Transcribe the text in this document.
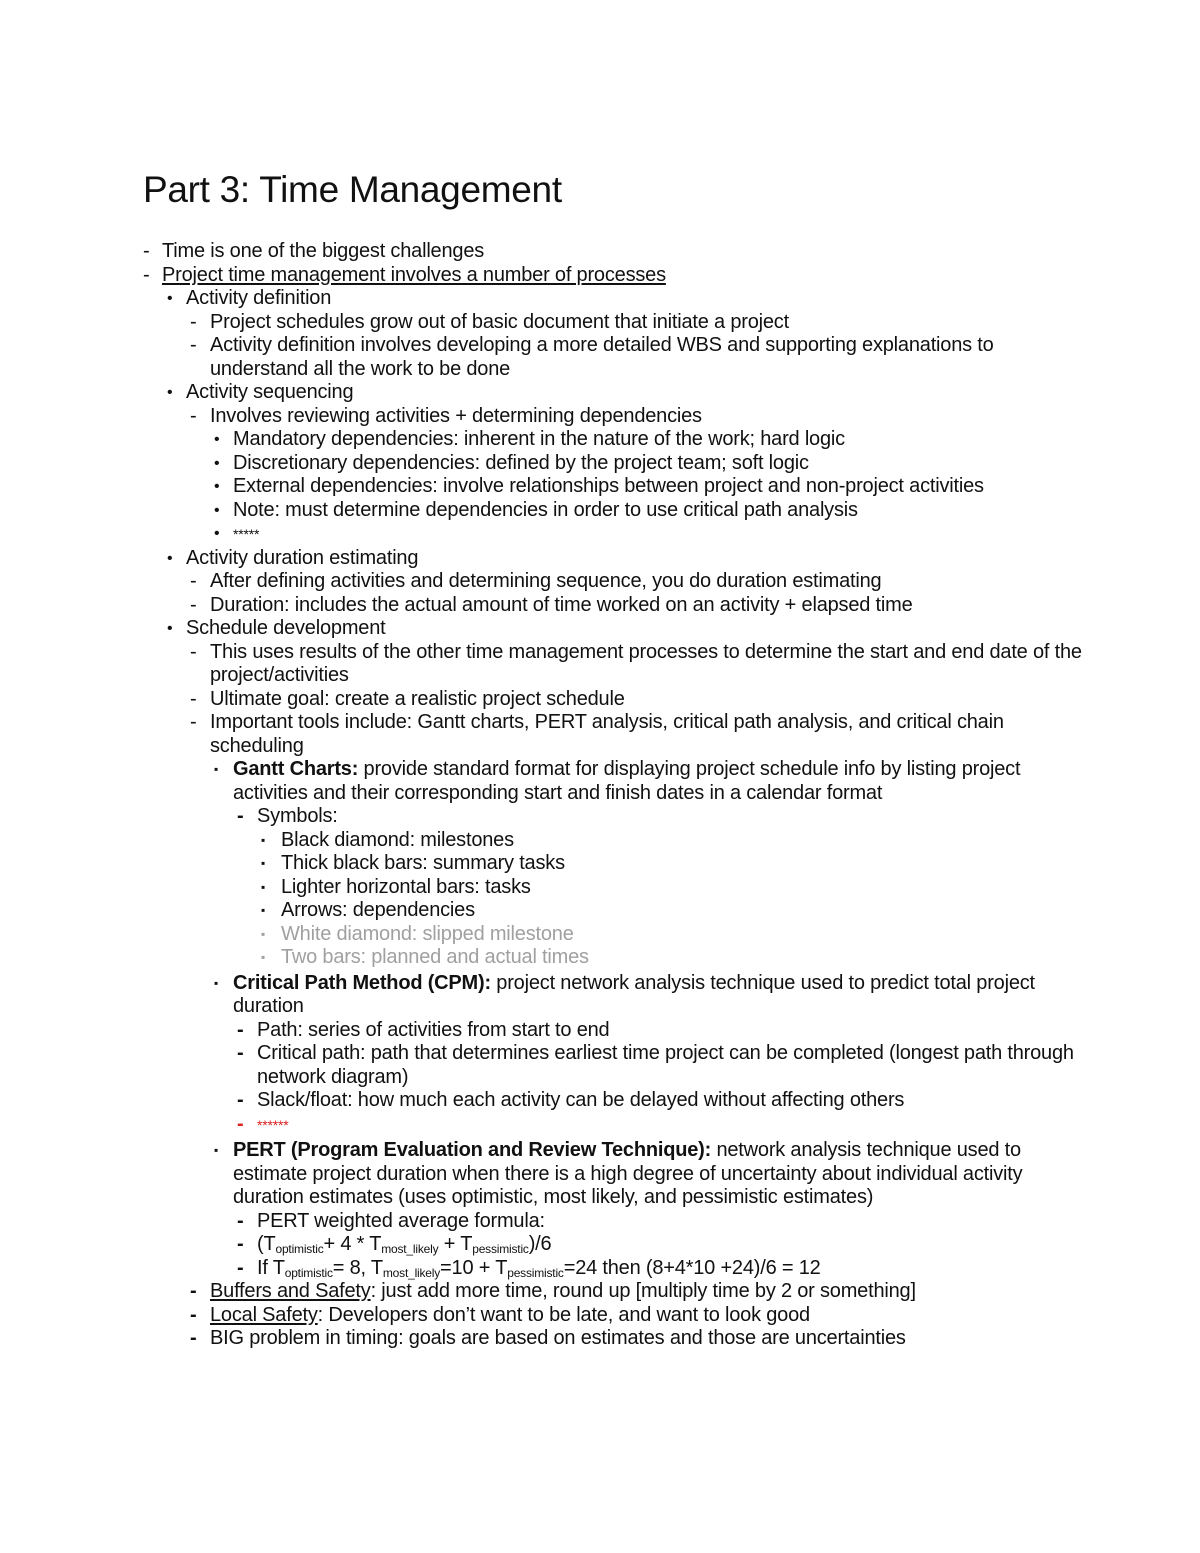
Part 3: Time Management
- Time is one of the biggest challenges
- Project time management involves a number of processes
• Activity definition
- Project schedules grow out of basic document that initiate a project
- Activity definition involves developing a more detailed WBS and supporting explanations to understand all the work to be done
• Activity sequencing
- Involves reviewing activities + determining dependencies
• Mandatory dependencies: inherent in the nature of the work; hard logic
• Discretionary dependencies: defined by the project team; soft logic
• External dependencies: involve relationships between project and non-project activities
• Note: must determine dependencies in order to use critical path analysis
• *****
• Activity duration estimating
- After defining activities and determining sequence, you do duration estimating
- Duration: includes the actual amount of time worked on an activity + elapsed time
• Schedule development
- This uses results of the other time management processes to determine the start and end date of the project/activities
- Ultimate goal: create a realistic project schedule
- Important tools include: Gantt charts, PERT analysis, critical path analysis, and critical chain scheduling
▪ Gantt Charts: provide standard format for displaying project schedule info by listing project activities and their corresponding start and finish dates in a calendar format
- Symbols:
▪ Black diamond: milestones
▪ Thick black bars: summary tasks
▪ Lighter horizontal bars: tasks
▪ Arrows: dependencies
▪ White diamond: slipped milestone
▪ Two bars: planned and actual times
▪ Critical Path Method (CPM): project network analysis technique used to predict total project duration
- Path: series of activities from start to end
- Critical path: path that determines earliest time project can be completed (longest path through network diagram)
- Slack/float: how much each activity can be delayed without affecting others
- ******
▪ PERT (Program Evaluation and Review Technique): network analysis technique used to estimate project duration when there is a high degree of uncertainty about individual activity duration estimates (uses optimistic, most likely, and pessimistic estimates)
- PERT weighted average formula:
- $(T_{optimistic}+ 4 * T_{most\_likely} + T_{pessimistic})/6$
- If $T_{optimistic}= 8$, $T_{most\_likely}=10 + T_{pessimistic}=24$ then (8+4*10 +24)/6 = 12
- Buffers and Safety: just add more time, round up [multiply time by 2 or something]
- Local Safety: Developers don’t want to be late, and want to look good
- BIG problem in timing: goals are based on estimates and those are uncertainties
